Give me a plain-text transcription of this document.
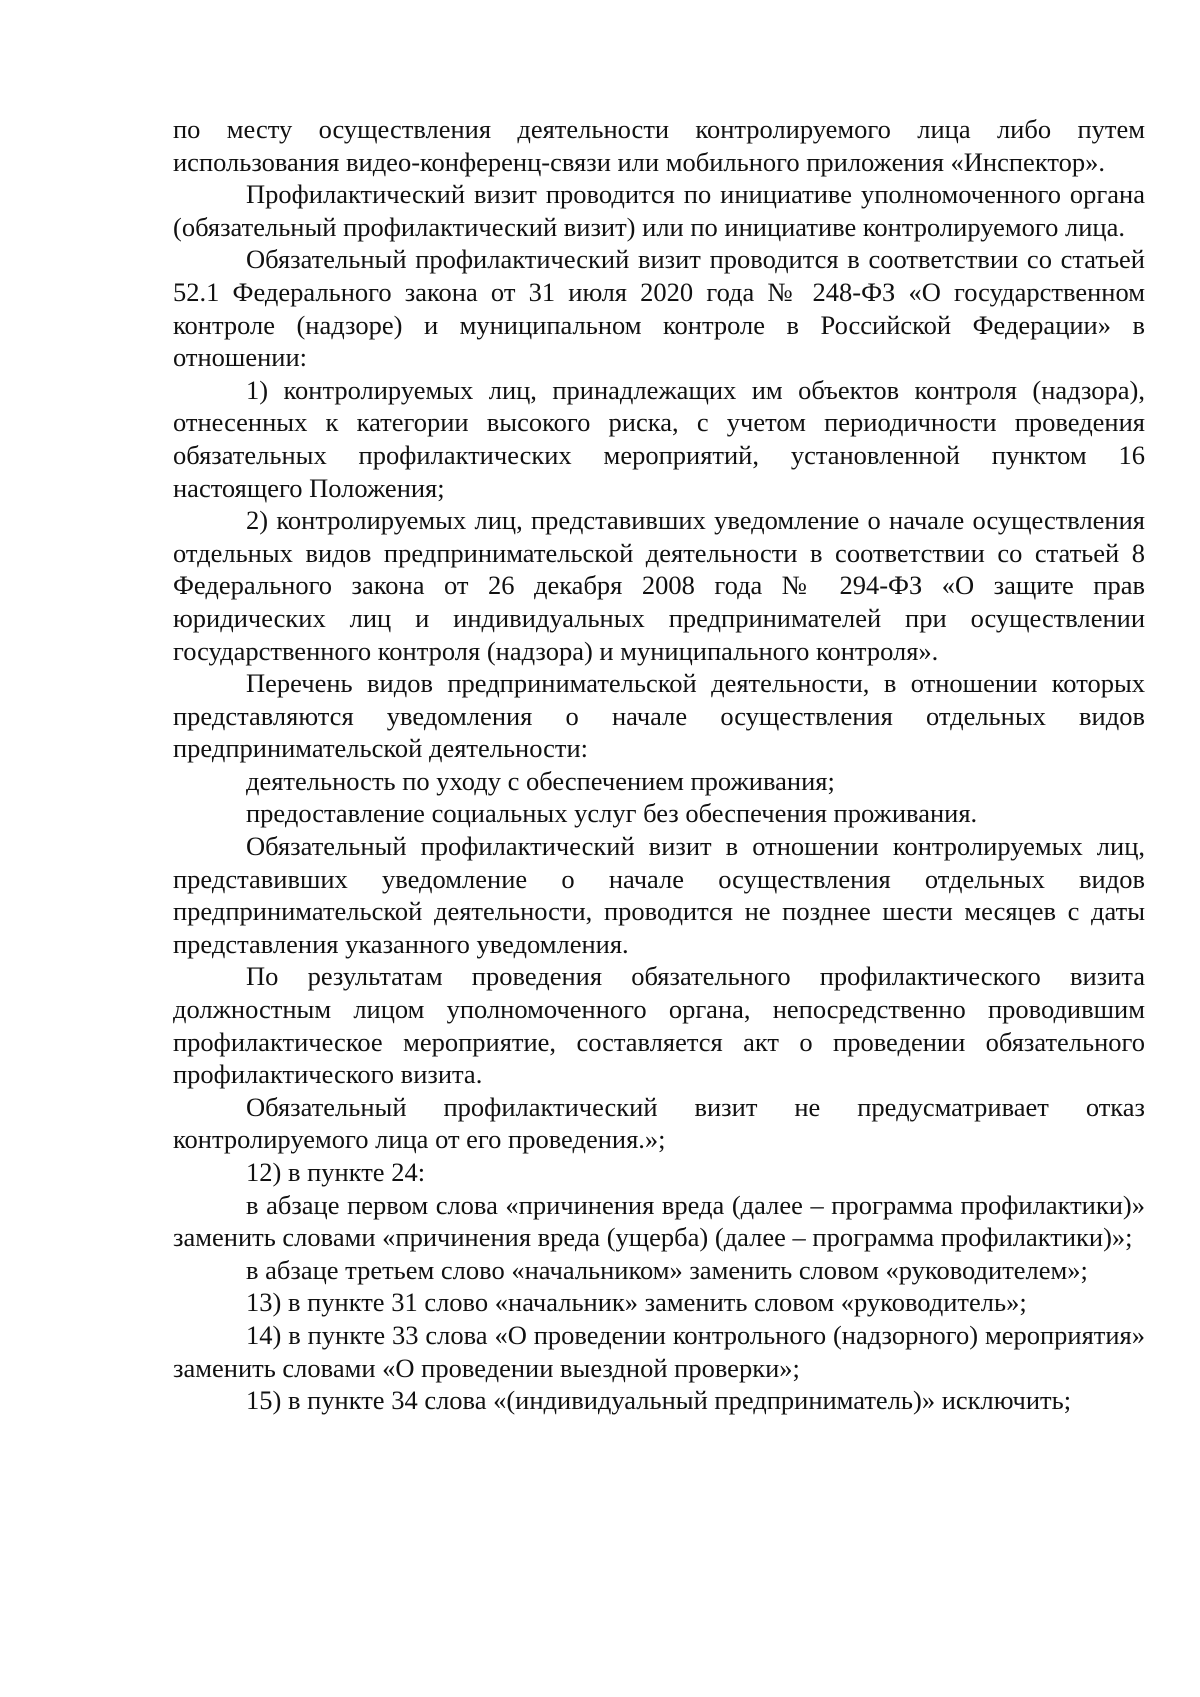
по месту осуществления деятельности контролируемого лица либо путем использования видео-конференц-связи или мобильного приложения «Инспектор».

Профилактический визит проводится по инициативе уполномоченного органа (обязательный профилактический визит) или по инициативе контролируемого лица.

Обязательный профилактический визит проводится в соответствии со статьей 52.1 Федерального закона от 31 июля 2020 года № 248-ФЗ «О государственном контроле (надзоре) и муниципальном контроле в Российской Федерации» в отношении:

1) контролируемых лиц, принадлежащих им объектов контроля (надзора), отнесенных к категории высокого риска, с учетом периодичности проведения обязательных профилактических мероприятий, установленной пунктом 16 настоящего Положения;

2) контролируемых лиц, представивших уведомление о начале осуществления отдельных видов предпринимательской деятельности в соответствии со статьей 8 Федерального закона от 26 декабря 2008 года № 294-ФЗ «О защите прав юридических лиц и индивидуальных предпринимателей при осуществлении государственного контроля (надзора) и муниципального контроля».

Перечень видов предпринимательской деятельности, в отношении которых представляются уведомления о начале осуществления отдельных видов предпринимательской деятельности:

деятельность по уходу с обеспечением проживания;

предоставление социальных услуг без обеспечения проживания.

Обязательный профилактический визит в отношении контролируемых лиц, представивших уведомление о начале осуществления отдельных видов предпринимательской деятельности, проводится не позднее шести месяцев с даты представления указанного уведомления.

По результатам проведения обязательного профилактического визита должностным лицом уполномоченного органа, непосредственно проводившим профилактическое мероприятие, составляется акт о проведении обязательного профилактического визита.

Обязательный профилактический визит не предусматривает отказ контролируемого лица от его проведения.»;

12) в пункте 24:

в абзаце первом слова «причинения вреда (далее – программа профилактики)» заменить словами «причинения вреда (ущерба) (далее – программа профилактики)»;

в абзаце третьем слово «начальником» заменить словом «руководителем»;

13) в пункте 31 слово «начальник» заменить словом «руководитель»;

14) в пункте 33 слова «О проведении контрольного (надзорного) мероприятия» заменить словами «О проведении выездной проверки»;

15) в пункте 34 слова «(индивидуальный предприниматель)» исключить;
